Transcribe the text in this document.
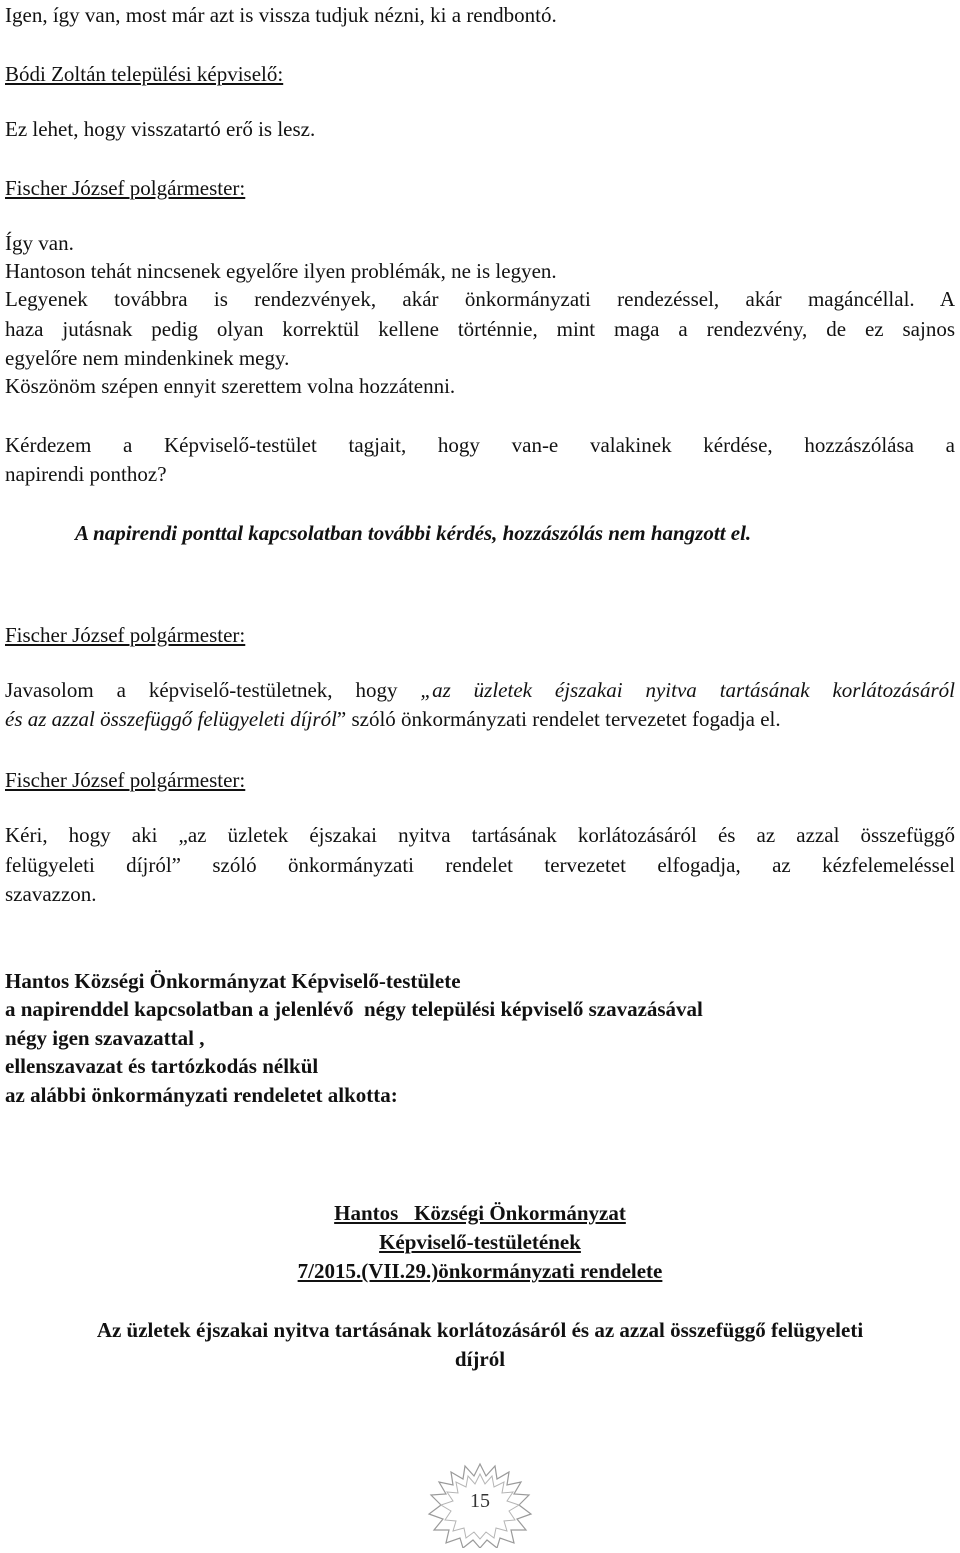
Igen, így van, most már azt is vissza tudjuk nézni, ki a rendbontó.
Bódi Zoltán települési képviselő:
Ez lehet, hogy visszatartó erő is lesz.
Fischer József polgármester:
Így van.
Hantoson tehát nincsenek egyelőre ilyen problémák, ne is legyen.
Legyenek továbbra is rendezvények, akár önkormányzati rendezéssel, akár magáncéllal. A
haza jutásnak pedig olyan korrektül kellene történnie, mint maga a rendezvény, de ez sajnos
egyelőre nem mindenkinek megy.
Köszönöm szépen ennyit szerettem volna hozzátenni.
Kérdezem a Képviselő-testület tagjait, hogy van-e valakinek kérdése, hozzászólása a
napirendi ponthoz?
A napirendi ponttal kapcsolatban további kérdés, hozzászólás nem hangzott el.
Fischer József polgármester:
Javasolom a képviselő-testületnek, hogy „az üzletek éjszakai nyitva tartásának korlátozásáról
és az azzal összefüggő felügyeleti díjról” szóló önkormányzati rendelet tervezetet fogadja el.
Fischer József polgármester:
Kéri, hogy aki „az üzletek éjszakai nyitva tartásának korlátozásáról és az azzal összefüggő
felügyeleti díjról” szóló önkormányzati rendelet tervezetet elfogadja, az kézfelemeléssel
szavazzon.
Hantos Községi Önkormányzat Képviselő-testülete
a napirenddel kapcsolatban a jelenlévő  négy települési képviselő szavazásával
négy igen szavazattal ,
ellenszavazat és tartózkodás nélkül
az alábbi önkormányzati rendeletet alkotta:
Hantos   Községi Önkormányzat
Képviselő-testületének
7/2015.(VII.29.)önkormányzati rendelete
Az üzletek éjszakai nyitva tartásának korlátozásáról és az azzal összefüggő felügyeleti
díjról
15
